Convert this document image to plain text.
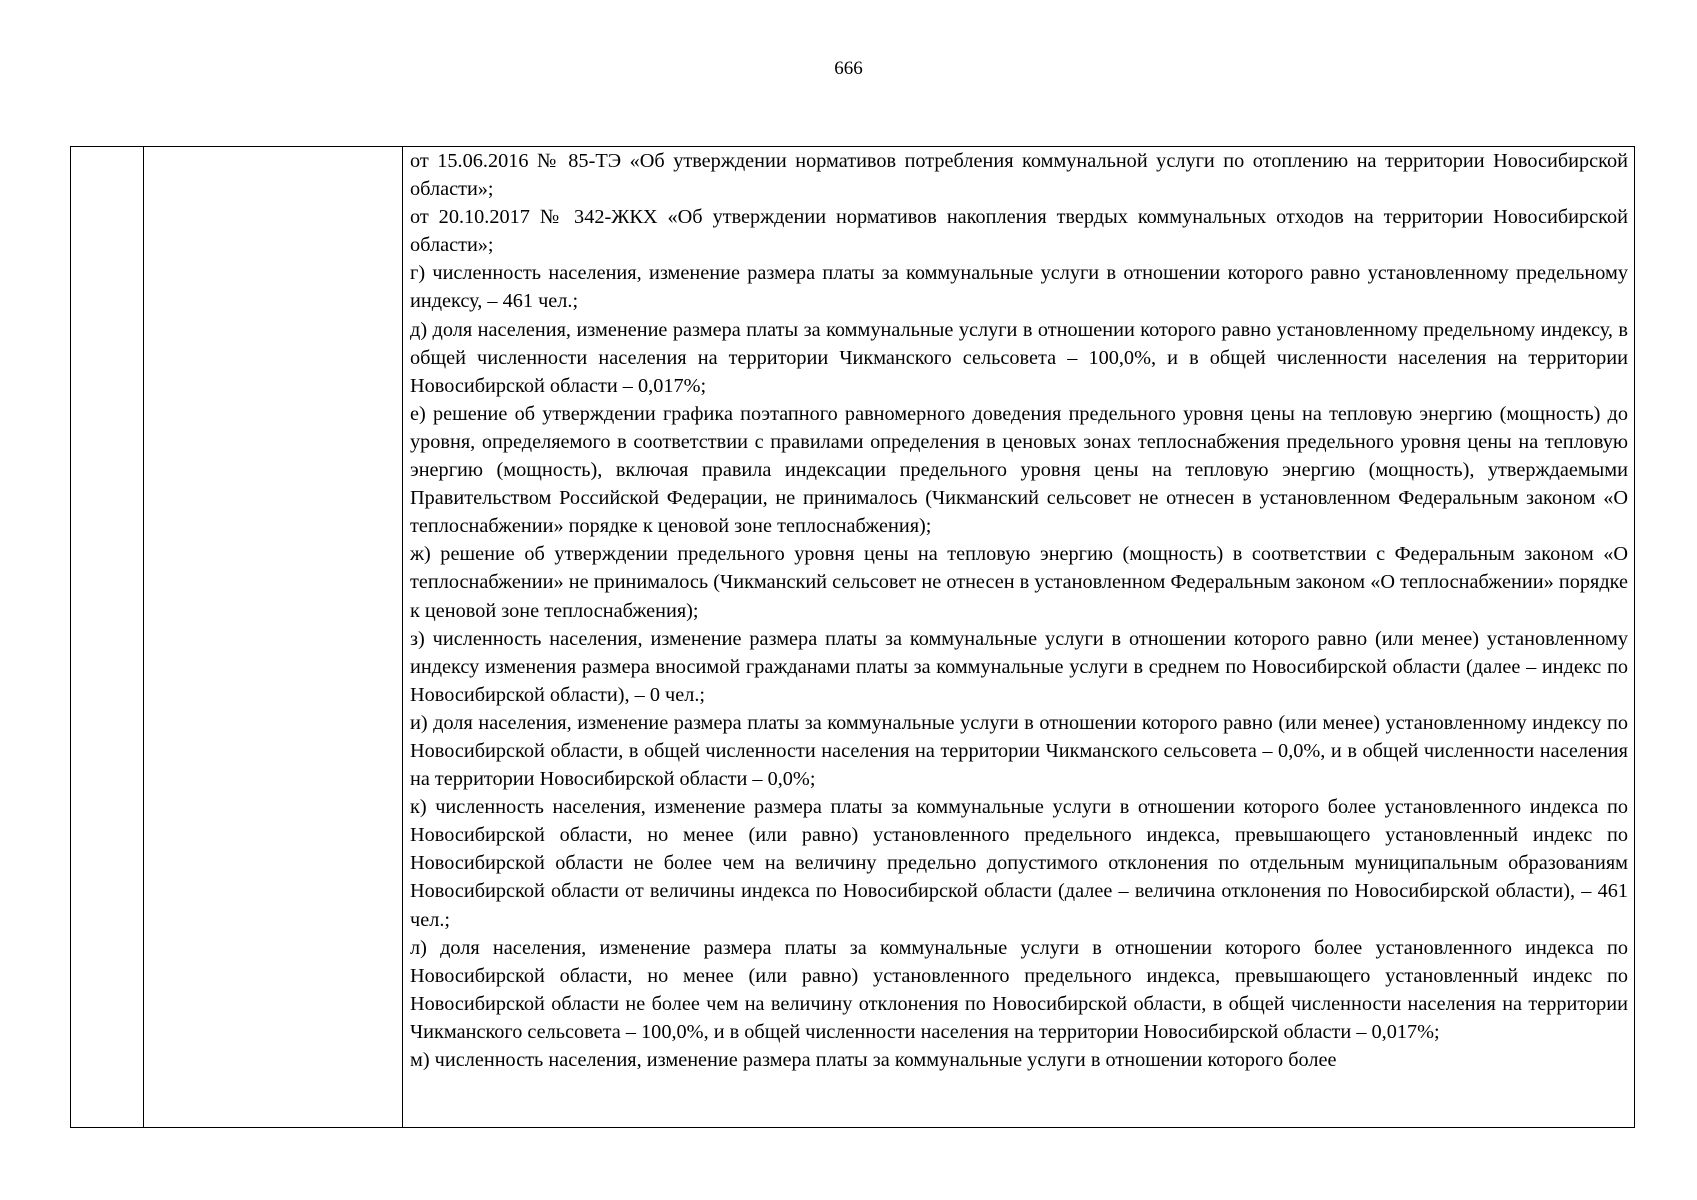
666

от 15.06.2016 № 85-ТЭ «Об утверждении нормативов потребления коммунальной услуги по отоплению на территории Новосибирской области»;

от 20.10.2017 № 342-ЖКХ «Об утверждении нормативов накопления твердых коммунальных отходов на территории Новосибирской области»;

г) численность населения, изменение размера платы за коммунальные услуги в отношении которого равно установленному предельному индексу, – 461 чел.;

д) доля населения, изменение размера платы за коммунальные услуги в отношении которого равно установленному предельному индексу, в общей численности населения на территории Чикманского сельсовета – 100,0%, и в общей численности населения на территории Новосибирской области – 0,017%;

е) решение об утверждении графика поэтапного равномерного доведения предельного уровня цены на тепловую энергию (мощность) до уровня, определяемого в соответствии с правилами определения в ценовых зонах теплоснабжения предельного уровня цены на тепловую энергию (мощность), включая правила индексации предельного уровня цены на тепловую энергию (мощность), утверждаемыми Правительством Российской Федерации, не принималось (Чикманский сельсовет не отнесен в установленном Федеральным законом «О теплоснабжении» порядке к ценовой зоне теплоснабжения);

ж) решение об утверждении предельного уровня цены на тепловую энергию (мощность) в соответствии с Федеральным законом «О теплоснабжении» не принималось (Чикманский сельсовет не отнесен в установленном Федеральным законом «О теплоснабжении» порядке к ценовой зоне теплоснабжения);

з) численность населения, изменение размера платы за коммунальные услуги в отношении которого равно (или менее) установленному индексу изменения размера вносимой гражданами платы за коммунальные услуги в среднем по Новосибирской области (далее – индекс по Новосибирской области), – 0 чел.;

и) доля населения, изменение размера платы за коммунальные услуги в отношении которого равно (или менее) установленному индексу по Новосибирской области, в общей численности населения на территории Чикманского сельсовета – 0,0%, и в общей численности населения на территории Новосибирской области – 0,0%;

к) численность населения, изменение размера платы за коммунальные услуги в отношении которого более установленного индекса по Новосибирской области, но менее (или равно) установленного предельного индекса, превышающего установленный индекс по Новосибирской области не более чем на величину предельно допустимого отклонения по отдельным муниципальным образованиям Новосибирской области от величины индекса по Новосибирской области (далее – величина отклонения по Новосибирской области), – 461 чел.;

л) доля населения, изменение размера платы за коммунальные услуги в отношении которого более установленного индекса по Новосибирской области, но менее (или равно) установленного предельного индекса, превышающего установленный индекс по Новосибирской области не более чем на величину отклонения по Новосибирской области, в общей численности населения на территории Чикманского сельсовета – 100,0%, и в общей численности населения на территории Новосибирской области – 0,017%;

м) численность населения, изменение размера платы за коммунальные услуги в отношении которого более
